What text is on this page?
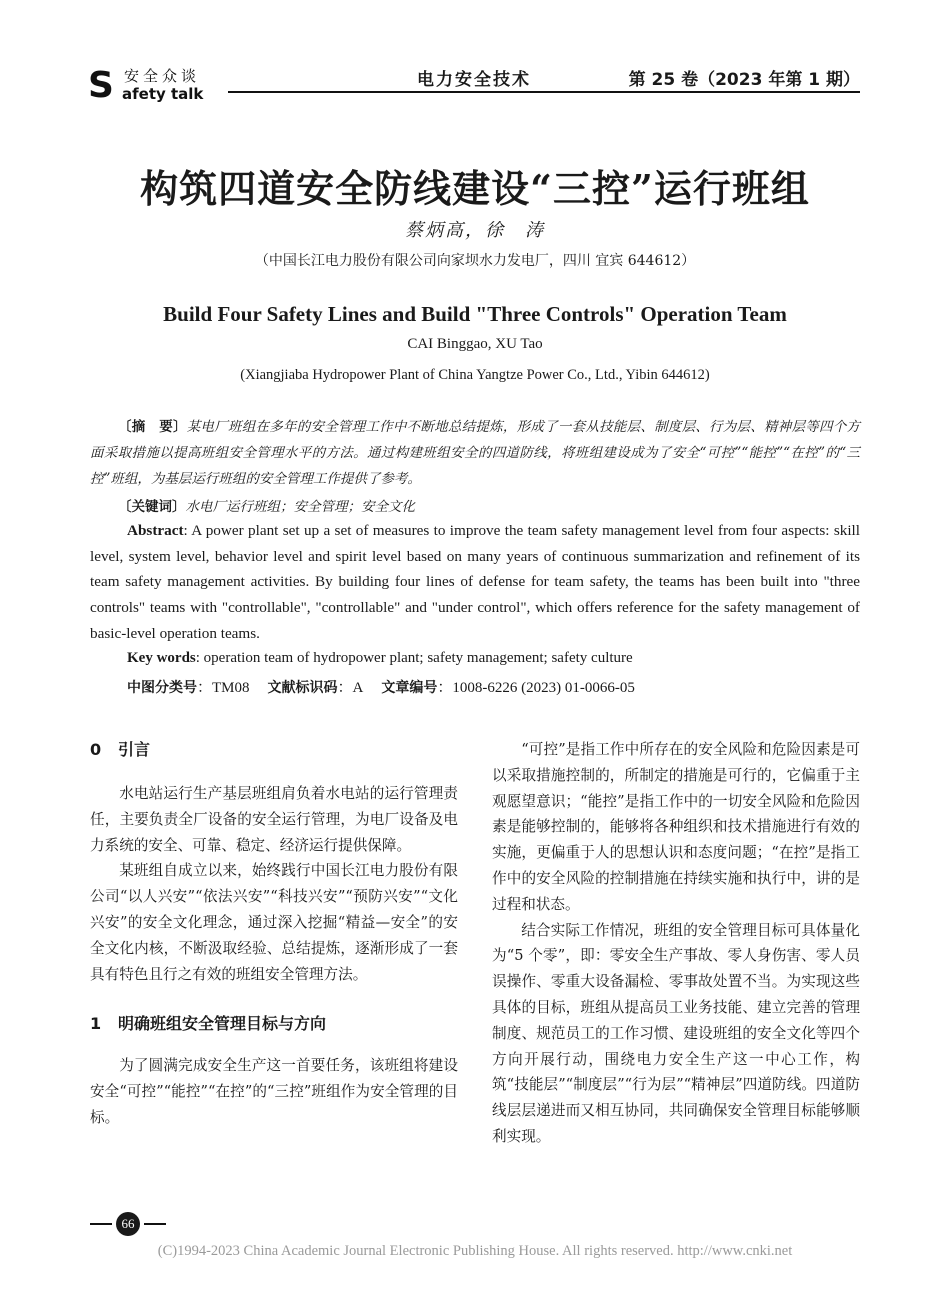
S 安全众谈
afety talk
电力安全技术	第 25 卷（2023 年第 1 期）
构筑四道安全防线建设“三控”运行班组
蔡炳高，徐　涛
（中国长江电力股份有限公司向家坝水力发电厂，四川 宜宾 644612）
Build Four Safety Lines and Build "Three Controls" Operation Team
CAI Binggao, XU Tao
(Xiangjiaba Hydropower Plant of China Yangtze Power Co., Ltd., Yibin 644612)
〔摘　要〕某电厂班组在多年的安全管理工作中不断地总结提炼，形成了一套从技能层、制度层、行为层、精神层等四个方面采取措施以提高班组安全管理水平的方法。通过构建班组安全的四道防线，将班组建设成为了安全“可控”“能控”“在控”的“三控”班组，为基层运行班组的安全管理工作提供了参考。
〔关键词〕水电厂运行班组；安全管理；安全文化
Abstract: A power plant set up a set of measures to improve the team safety management level from four aspects: skill level, system level, behavior level and spirit level based on many years of continuous summarization and refinement of its team safety management activities. By building four lines of defense for team safety, the teams has been built into "three controls" teams with "controllable", "controllable" and "under control", which offers reference for the safety management of basic-level operation teams.
Key words: operation team of hydropower plant; safety management; safety culture
中图分类号：TM08 文献标识码：A 文章编号：1008-6226 (2023) 01-0066-05
0 引言

水电站运行生产基层班组肩负着水电站的运行管理责任，主要负责全厂设备的安全运行管理，为电厂设备及电力系统的安全、可靠、稳定、经济运行提供保障。

某班组自成立以来，始终践行中国长江电力股份有限公司“以人兴安”“依法兴安”“科技兴安”“预防兴安”“文化兴安”的安全文化理念，通过深入挖掘“精益—安全”的安全文化内核，不断汲取经验、总结提炼，逐渐形成了一套具有特色且行之有效的班组安全管理方法。

1 明确班组安全管理目标与方向

为了圆满完成安全生产这一首要任务，该班组将建设安全“可控”“能控”“在控”的“三控”班组作为安全管理的目标。

“可控”是指工作中所存在的安全风险和危险因素是可以采取措施控制的，所制定的措施是可行的，它偏重于主观愿望意识；“能控”是指工作中的一切安全风险和危险因素是能够控制的，能够将各种组织和技术措施进行有效的实施，更偏重于人的思想认识和态度问题；“在控”是指工作中的安全风险的控制措施在持续实施和执行中，讲的是过程和状态。

结合实际工作情况，班组的安全管理目标可具体量化为“5 个零”，即：零安全生产事故、零人身伤害、零人员误操作、零重大设备漏检、零事故处置不当。为实现这些具体的目标，班组从提高员工业务技能、建立完善的管理制度、规范员工的工作习惯、建设班组的安全文化等四个方向开展行动，围绕电力安全生产这一中心工作，构筑“技能层”“制度层”“行为层”“精神层”四道防线。四道防线层层递进而又相互协同，共同确保安全管理目标能够顺利实现。

66
(C)1994-2023 China Academic Journal Electronic Publishing House. All rights reserved. http://www.cnki.net
